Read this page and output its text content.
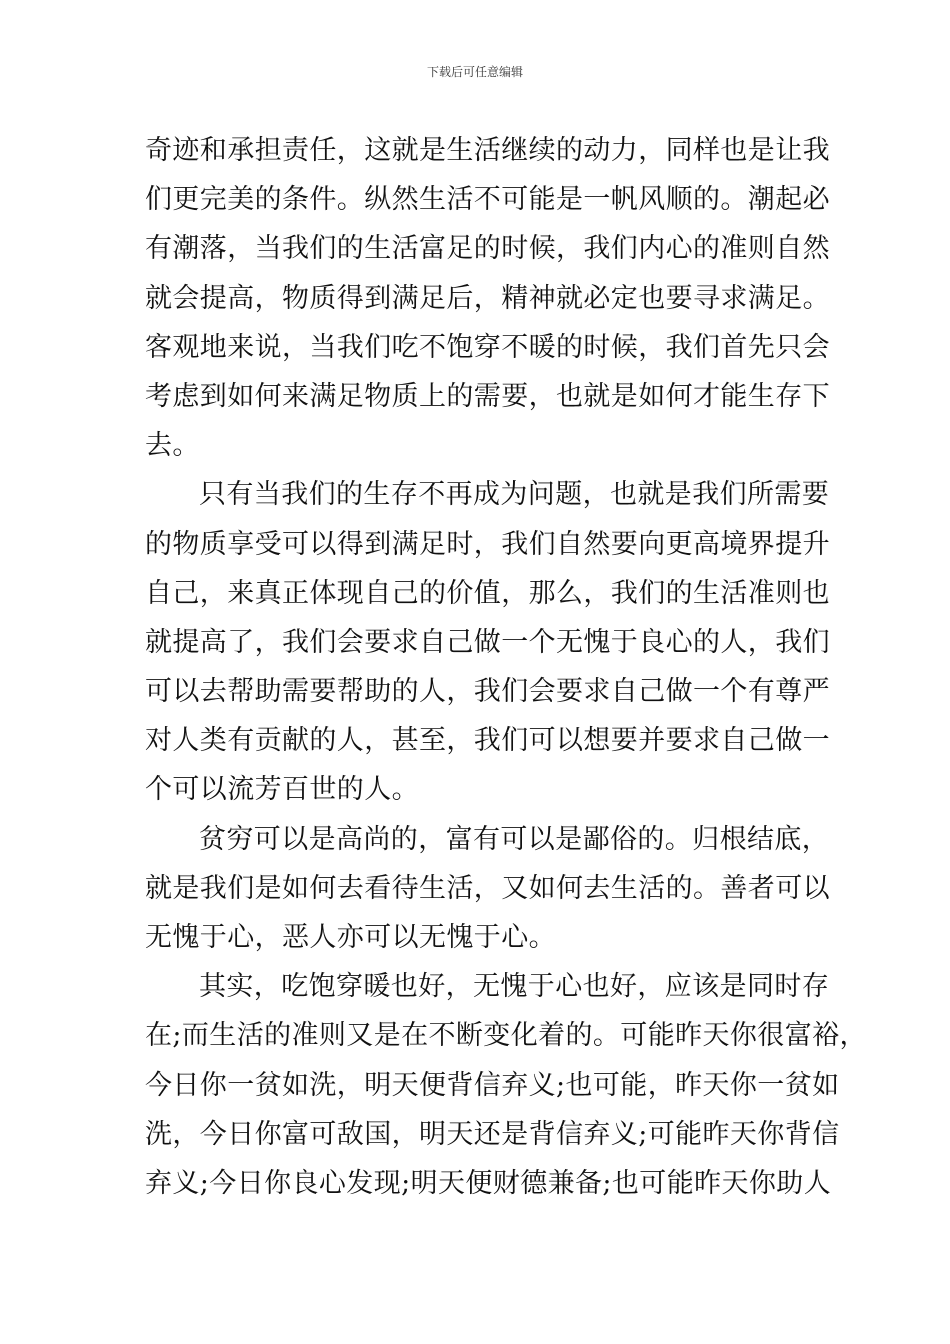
下载后可任意编辑
奇迹和承担责任，这就是生活继续的动力，同样也是让我
们更完美的条件。纵然生活不可能是一帆风顺的。潮起必
有潮落，当我们的生活富足的时候，我们内心的准则自然
就会提高，物质得到满足后，精神就必定也要寻求满足。
客观地来说，当我们吃不饱穿不暖的时候，我们首先只会
考虑到如何来满足物质上的需要，也就是如何才能生存下
去。
只有当我们的生存不再成为问题，也就是我们所需要
的物质享受可以得到满足时，我们自然要向更高境界提升
自己，来真正体现自己的价值，那么，我们的生活准则也
就提高了，我们会要求自己做一个无愧于良心的人，我们
可以去帮助需要帮助的人，我们会要求自己做一个有尊严
对人类有贡献的人，甚至，我们可以想要并要求自己做一
个可以流芳百世的人。
贫穷可以是高尚的，富有可以是鄙俗的。归根结底，
就是我们是如何去看待生活，又如何去生活的。善者可以
无愧于心，恶人亦可以无愧于心。
其实，吃饱穿暖也好，无愧于心也好，应该是同时存
在;而生活的准则又是在不断变化着的。可能昨天你很富裕，
今日你一贫如洗，明天便背信弃义;也可能，昨天你一贫如
洗，今日你富可敌国，明天还是背信弃义;可能昨天你背信
弃义;今日你良心发现;明天便财德兼备;也可能昨天你助人
